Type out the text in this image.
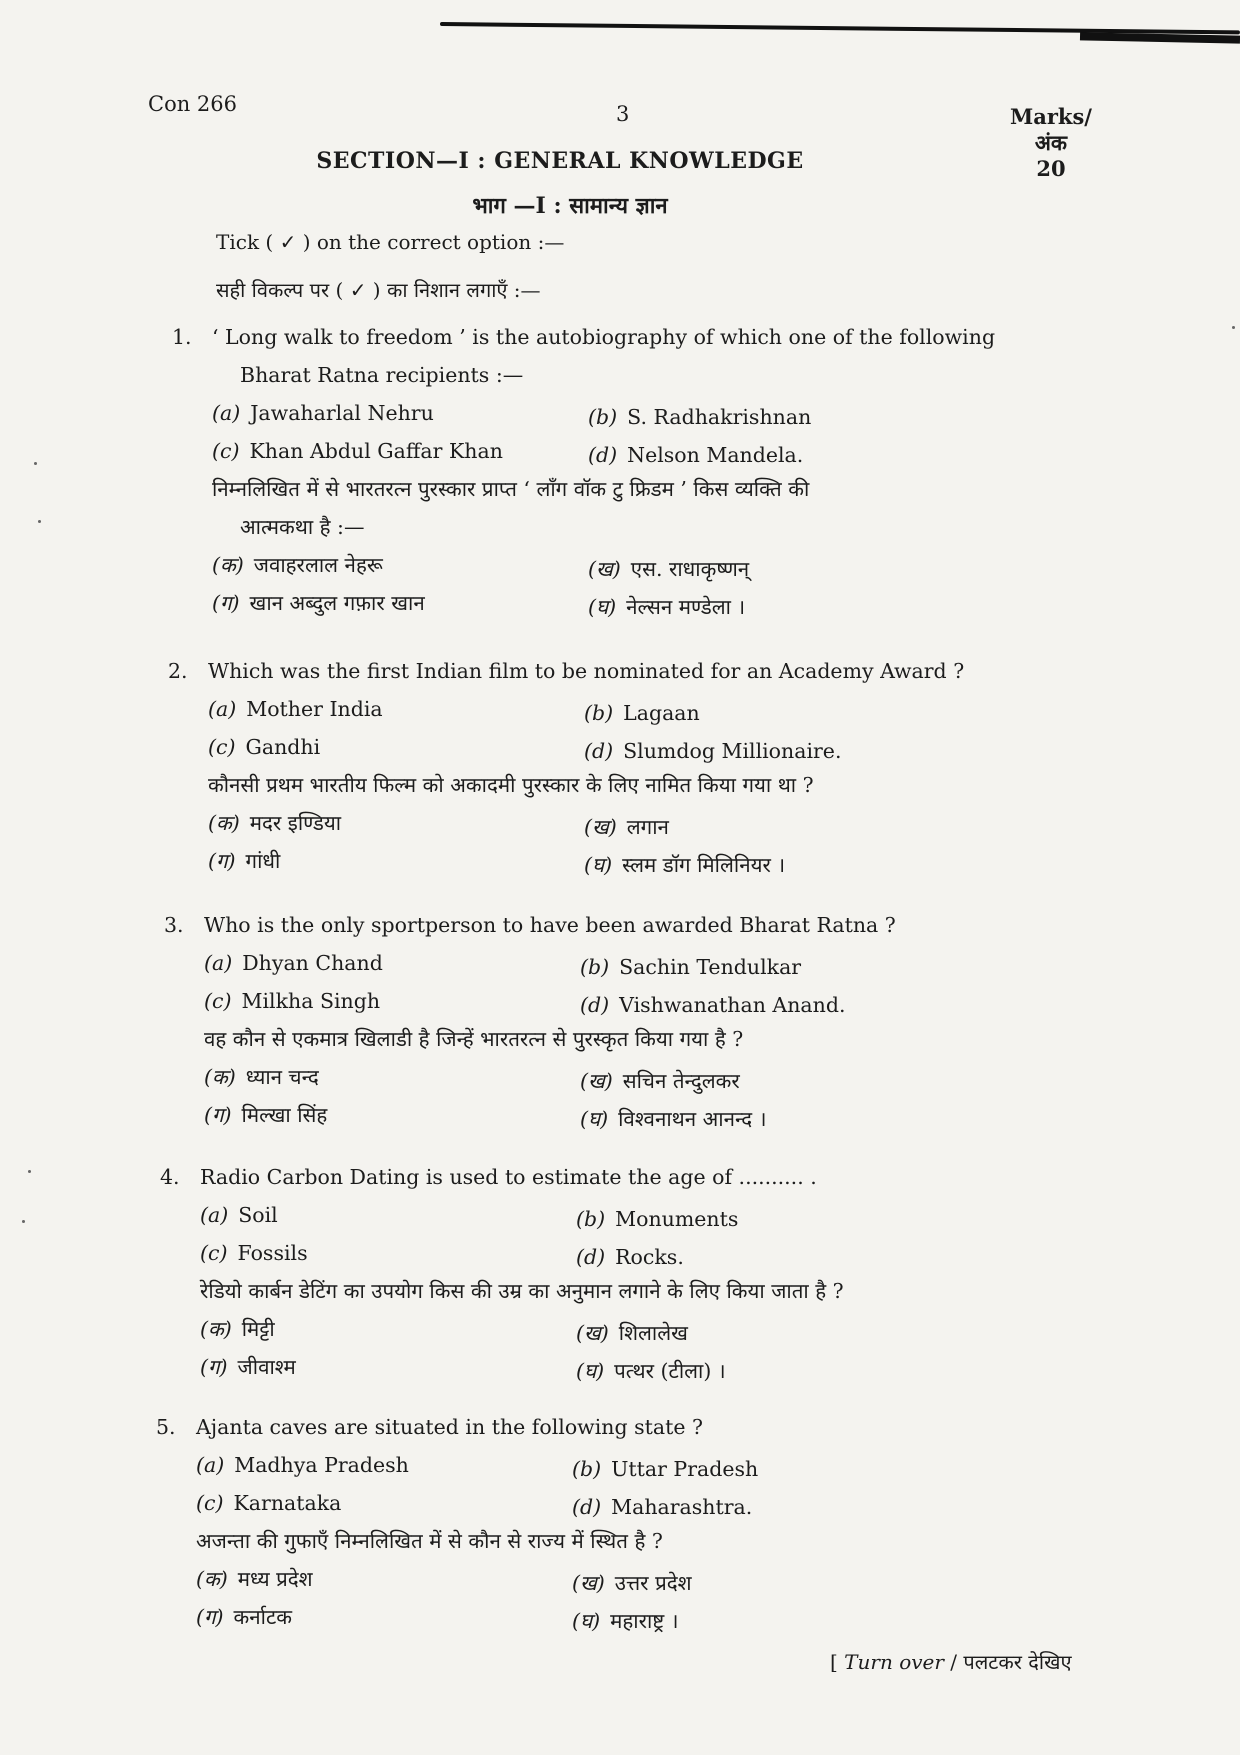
Con 266	3	Marks/
अंक
20
SECTION—I : GENERAL KNOWLEDGE
भाग —I : सामान्य ज्ञान
Tick ( ✓ ) on the correct option :—
सही विकल्प पर ( ✓ ) का निशान लगाएँ :—
1. ‘ Long walk to freedom ’ is the autobiography of which one of the following
Bharat Ratna recipients :—
(a) Jawaharlal Nehru	(b) S. Radhakrishnan
(c) Khan Abdul Gaffar Khan	(d) Nelson Mandela.
निम्नलिखित में से भारतरत्न पुरस्कार प्राप्त ‘ लाँग वॉक टु फ्रिडम ’ किस व्यक्ति की
आत्मकथा है :—
(क) जवाहरलाल नेहरू	(ख) एस. राधाकृष्णन्
(ग) खान अब्दुल गफ़ार खान	(घ) नेल्सन मण्डेला ।
2. Which was the first Indian film to be nominated for an Academy Award ?
(a) Mother India	(b) Lagaan
(c) Gandhi	(d) Slumdog Millionaire.
कौनसी प्रथम भारतीय फिल्म को अकादमी पुरस्कार के लिए नामित किया गया था ?
(क) मदर इण्डिया	(ख) लगान
(ग) गांधी	(घ) स्लम डॉग मिलिनियर ।
3. Who is the only sportperson to have been awarded Bharat Ratna ?
(a) Dhyan Chand	(b) Sachin Tendulkar
(c) Milkha Singh	(d) Vishwanathan Anand.
वह कौन से एकमात्र खिलाडी है जिन्हें भारतरत्न से पुरस्कृत किया गया है ?
(क) ध्यान चन्द	(ख) सचिन तेन्दुलकर
(ग) मिल्खा सिंह	(घ) विश्वनाथन आनन्द ।
4. Radio Carbon Dating is used to estimate the age of .......... .
(a) Soil	(b) Monuments
(c) Fossils	(d) Rocks.
रेडियो कार्बन डेटिंग का उपयोग किस की उम्र का अनुमान लगाने के लिए किया जाता है ?
(क) मिट्टी	(ख) शिलालेख
(ग) जीवाश्म	(घ) पत्थर (टीला) ।
5. Ajanta caves are situated in the following state ?
(a) Madhya Pradesh	(b) Uttar Pradesh
(c) Karnataka	(d) Maharashtra.
अजन्ता की गुफाएँ निम्नलिखित में से कौन से राज्य में स्थित है ?
(क) मध्य प्रदेश	(ख) उत्तर प्रदेश
(ग) कर्नाटक	(घ) महाराष्ट्र ।
[ Turn over / पलटकर देखिए
